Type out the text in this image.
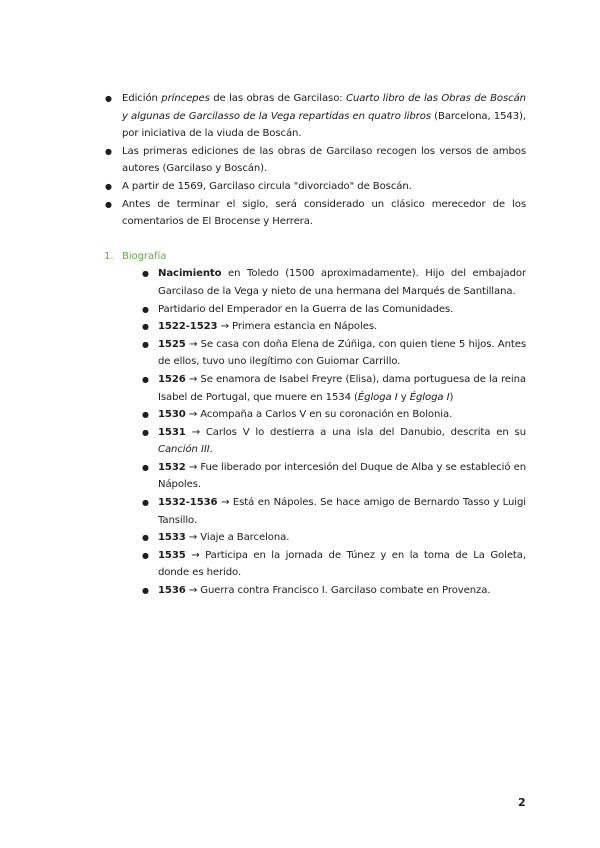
● Edición príncepes de las obras de Garcilaso: Cuarto libro de las Obras de Boscán y algunas de Garcilasso de la Vega repartidas en quatro libros (Barcelona, 1543), por iniciativa de la viuda de Boscán.
● Las primeras ediciones de las obras de Garcilaso recogen los versos de ambos autores (Garcilaso y Boscán).
● A partir de 1569, Garcilaso circula "divorciado" de Boscán.
● Antes de terminar el siglo, será considerado un clásico merecedor de los comentarios de El Brocense y Herrera.
1. Biografía
● Nacimiento en Toledo (1500 aproximadamente). Hijo del embajador Garcilaso de la Vega y nieto de una hermana del Marqués de Santillana.
● Partidario del Emperador en la Guerra de las Comunidades.
● 1522-1523 → Primera estancia en Nápoles.
● 1525 → Se casa con doña Elena de Zúñiga, con quien tiene 5 hijos. Antes de ellos, tuvo uno ilegítimo con Guiomar Carrillo.
● 1526 → Se enamora de Isabel Freyre (Elisa), dama portuguesa de la reina Isabel de Portugal, que muere en 1534 (Égloga I y Égloga I)
● 1530 → Acompaña a Carlos V en su coronación en Bolonia.
● 1531 → Carlos V lo destierra a una isla del Danubio, descrita en su Canción III.
● 1532 → Fue liberado por intercesión del Duque de Alba y se estableció en Nápoles.
● 1532-1536 → Está en Nápoles. Se hace amigo de Bernardo Tasso y Luigi Tansillo.
● 1533 → Viaje a Barcelona.
● 1535 → Participa en la jornada de Túnez y en la toma de La Goleta, donde es herido.
● 1536 → Guerra contra Francisco I. Garcilaso combate en Provenza.
2
